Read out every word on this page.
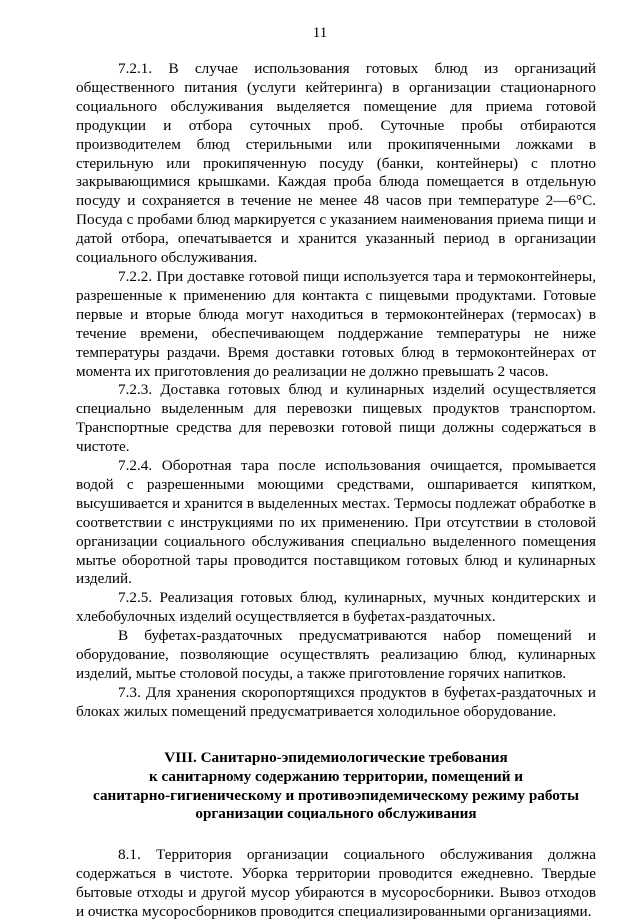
11

7.2.1. В случае использования готовых блюд из организаций общественного питания (услуги кейтеринга) в организации стационарного социального обслуживания выделяется помещение для приема готовой продукции и отбора суточных проб. Суточные пробы отбираются производителем блюд стерильными или прокипяченными ложками в стерильную или прокипяченную посуду (банки, контейнеры) с плотно закрывающимися крышками. Каждая проба блюда помещается в отдельную посуду и сохраняется в течение не менее 48 часов при температуре 2—6°С. Посуда с пробами блюд маркируется с указанием наименования приема пищи и датой отбора, опечатывается и хранится указанный период в организации социального обслуживания.

7.2.2. При доставке готовой пищи используется тара и термоконтейнеры, разрешенные к применению для контакта с пищевыми продуктами. Готовые первые и вторые блюда могут находиться в термоконтейнерах (термосах) в течение времени, обеспечивающем поддержание температуры не ниже температуры раздачи. Время доставки готовых блюд в термоконтейнерах от момента их приготовления до реализации не должно превышать 2 часов.

7.2.3. Доставка готовых блюд и кулинарных изделий осуществляется специально выделенным для перевозки пищевых продуктов транспортом. Транспортные средства для перевозки готовой пищи должны содержаться в чистоте.

7.2.4. Оборотная тара после использования очищается, промывается водой с разрешенными моющими средствами, ошпаривается кипятком, высушивается и хранится в выделенных местах. Термосы подлежат обработке в соответствии с инструкциями по их применению. При отсутствии в столовой организации социального обслуживания специально выделенного помещения мытье оборотной тары проводится поставщиком готовых блюд и кулинарных изделий.

7.2.5. Реализация готовых блюд, кулинарных, мучных кондитерских и хлебобулочных изделий осуществляется в буфетах-раздаточных.

В буфетах-раздаточных предусматриваются набор помещений и оборудование, позволяющие осуществлять реализацию блюд, кулинарных изделий, мытье столовой посуды, а также приготовление горячих напитков.

7.3. Для хранения скоропортящихся продуктов в буфетах-раздаточных и блоках жилых помещений предусматривается холодильное оборудование.

VIII. Санитарно-эпидемиологические требования
к санитарному содержанию территории, помещений и
санитарно-гигиеническому и противоэпидемическому режиму работы
организации социального обслуживания

8.1. Территория организации социального обслуживания должна содержаться в чистоте. Уборка территории проводится ежедневно. Твердые бытовые отходы и другой мусор убираются в мусоросборники. Вывоз отходов и очистка мусоросборников проводится специализированными организациями.
